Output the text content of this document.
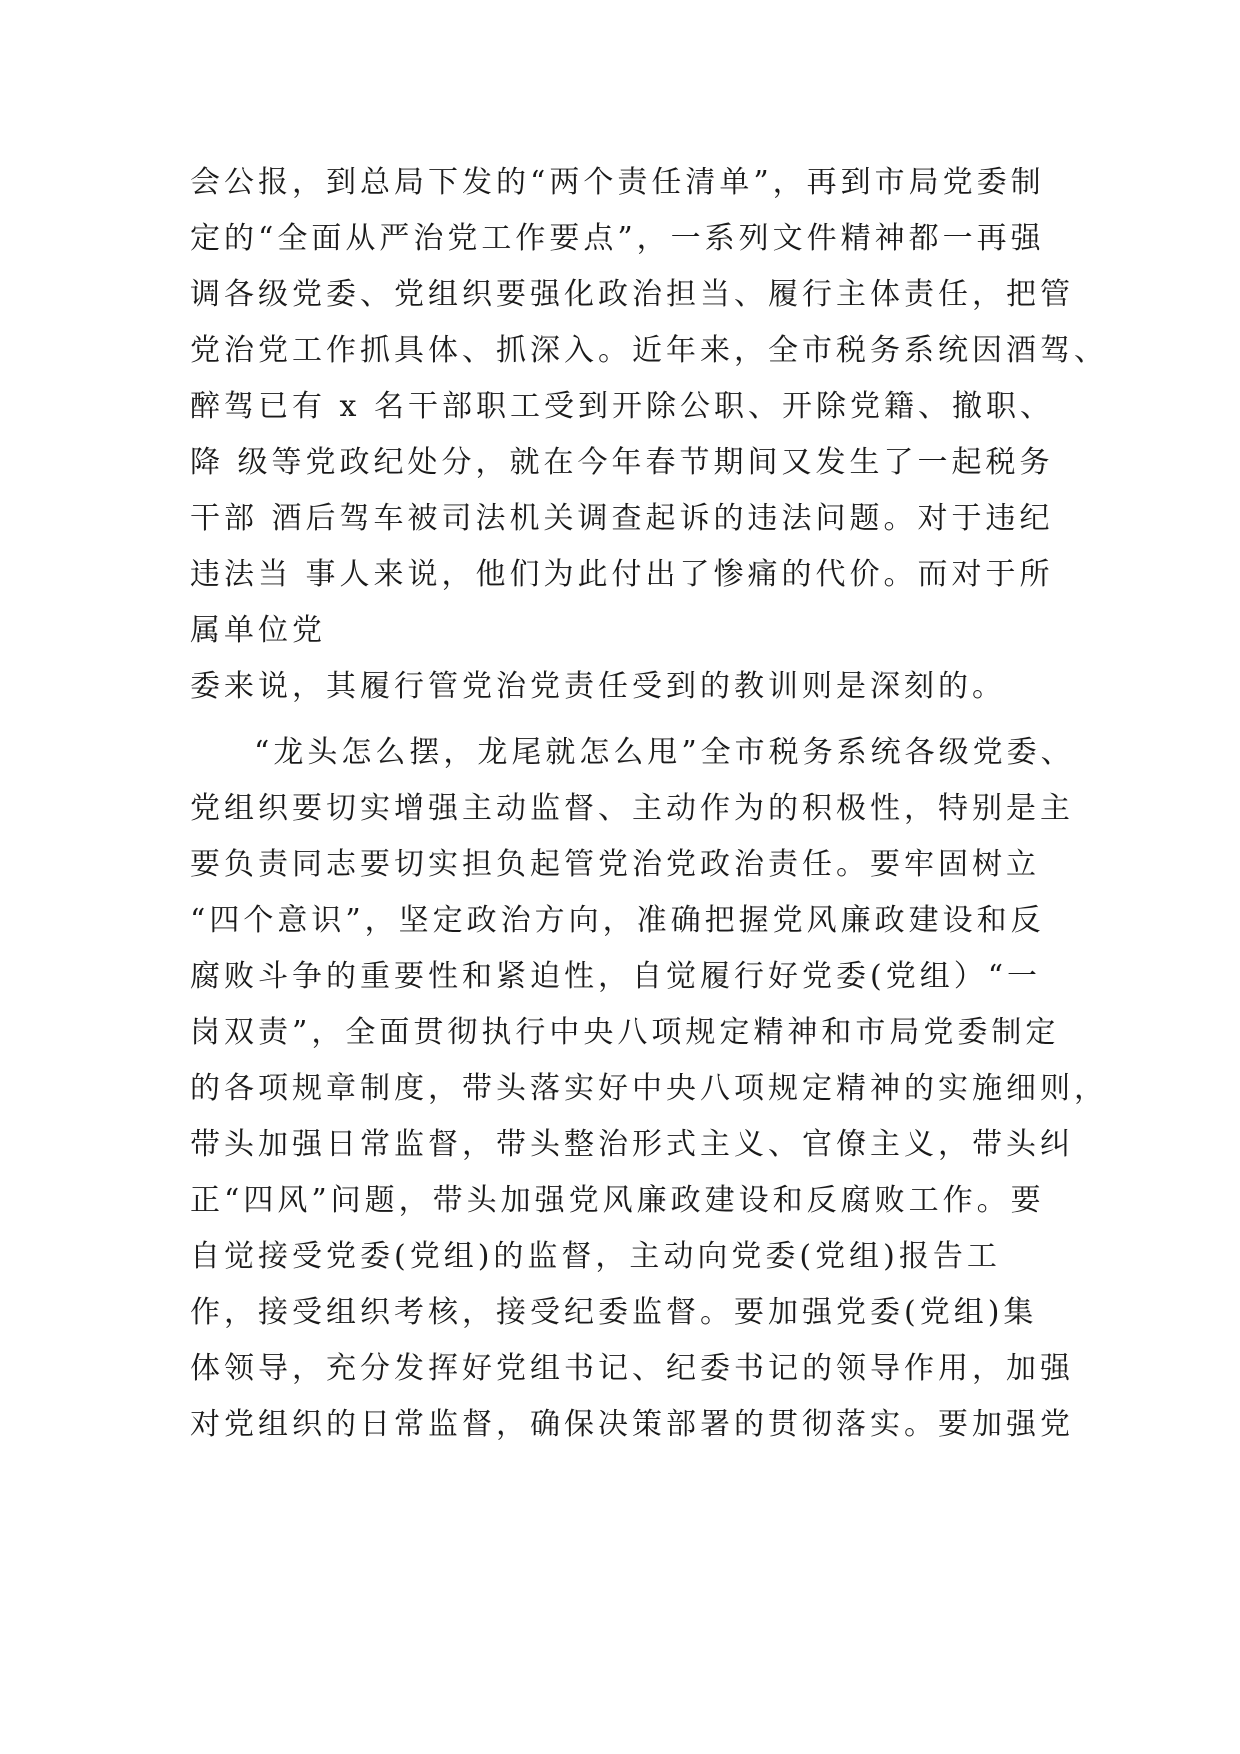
会公报，到总局下发的“两个责任清单”，再到市局党委制
定的“全面从严治党工作要点”，一系列文件精神都一再强
调各级党委、党组织要强化政治担当、履行主体责任，把管
党治党工作抓具体、抓深入。近年来，全市税务系统因酒驾、
醉驾已有 x 名干部职工受到开除公职、开除党籍、撤职、
降 级等党政纪处分，就在今年春节期间又发生了一起税务
干部 酒后驾车被司法机关调查起诉的违法问题。对于违纪
违法当 事人来说，他们为此付出了惨痛的代价。而对于所
属单位党
委来说，其履行管党治党责任受到的教训则是深刻的。
“龙头怎么摆，龙尾就怎么甩”全市税务系统各级党委、
党组织要切实增强主动监督、主动作为的积极性，特别是主
要负责同志要切实担负起管党治党政治责任。要牢固树立
“四个意识”，坚定政治方向，准确把握党风廉政建设和反
腐败斗争的重要性和紧迫性，自觉履行好党委(党组）“一
岗双责”，全面贯彻执行中央八项规定精神和市局党委制定
的各项规章制度，带头落实好中央八项规定精神的实施细则，
带头加强日常监督，带头整治形式主义、官僚主义，带头纠
正“四风”问题，带头加强党风廉政建设和反腐败工作。要
自觉接受党委(党组)的监督，主动向党委(党组)报告工
作，接受组织考核，接受纪委监督。要加强党委(党组)集
体领导，充分发挥好党组书记、纪委书记的领导作用，加强
对党组织的日常监督，确保决策部署的贯彻落实。要加强党
